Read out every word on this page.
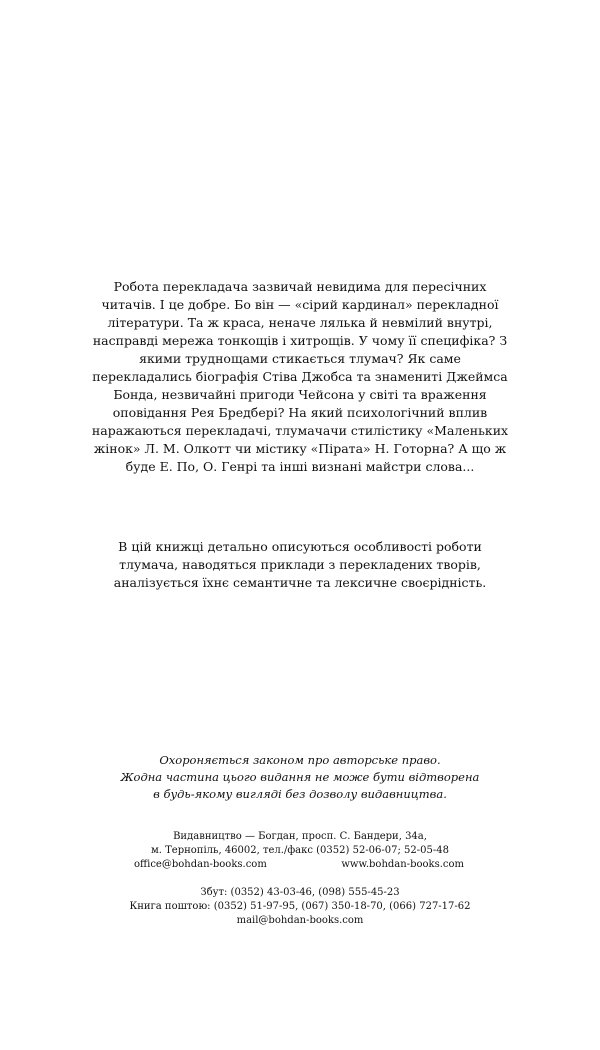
Робота перекладача зазвичай невидима для пересічних читачів. І це добре. Бо він — «сірий кардинал» перекладної літератури. Та ж краса, неначе лялька й невмілий внутрі, насправді мережа тонкощів і хитрощів. У чому її специфіка? З якими труднощами стикається тлумач? Як саме перекладались біографія Стіва Джобса та знамениті Джеймса Бонда, незвичайні пригоди Чейсона у світі та враження оповідання Рея Бредбері? На який психологічний вплив наражаються перекладачі, тлумачачи стилістику «Маленьких жінок» Л. М. Олкотт чи містику «Пірата» Н. Готорна? А що ж буде Е. По, О. Генрі та інші визнані майстри слова...

В цій книжці детально описуються особливості роботи тлумача, наводяться приклади з перекладених творів, аналізується їхнє семантичне та лексичне своєрідність.

Охороняється законом про авторське право.
Жодна частина цього видання не може бути відтворена
в будь-якому вигляді без дозволу видавництва.
Видавництво — Богдан, просп. С. Бандери, 34а,
м. Тернопіль, 46002, тел./факс (0352) 52-06-07; 52-05-48
office@bohdan-books.com	www.bohdan-books.com
Збут: (0352) 43-03-46, (098) 555-45-23
Книга поштою: (0352) 51-97-95, (067) 350-18-70, (066) 727-17-62
mail@bohdan-books.com
